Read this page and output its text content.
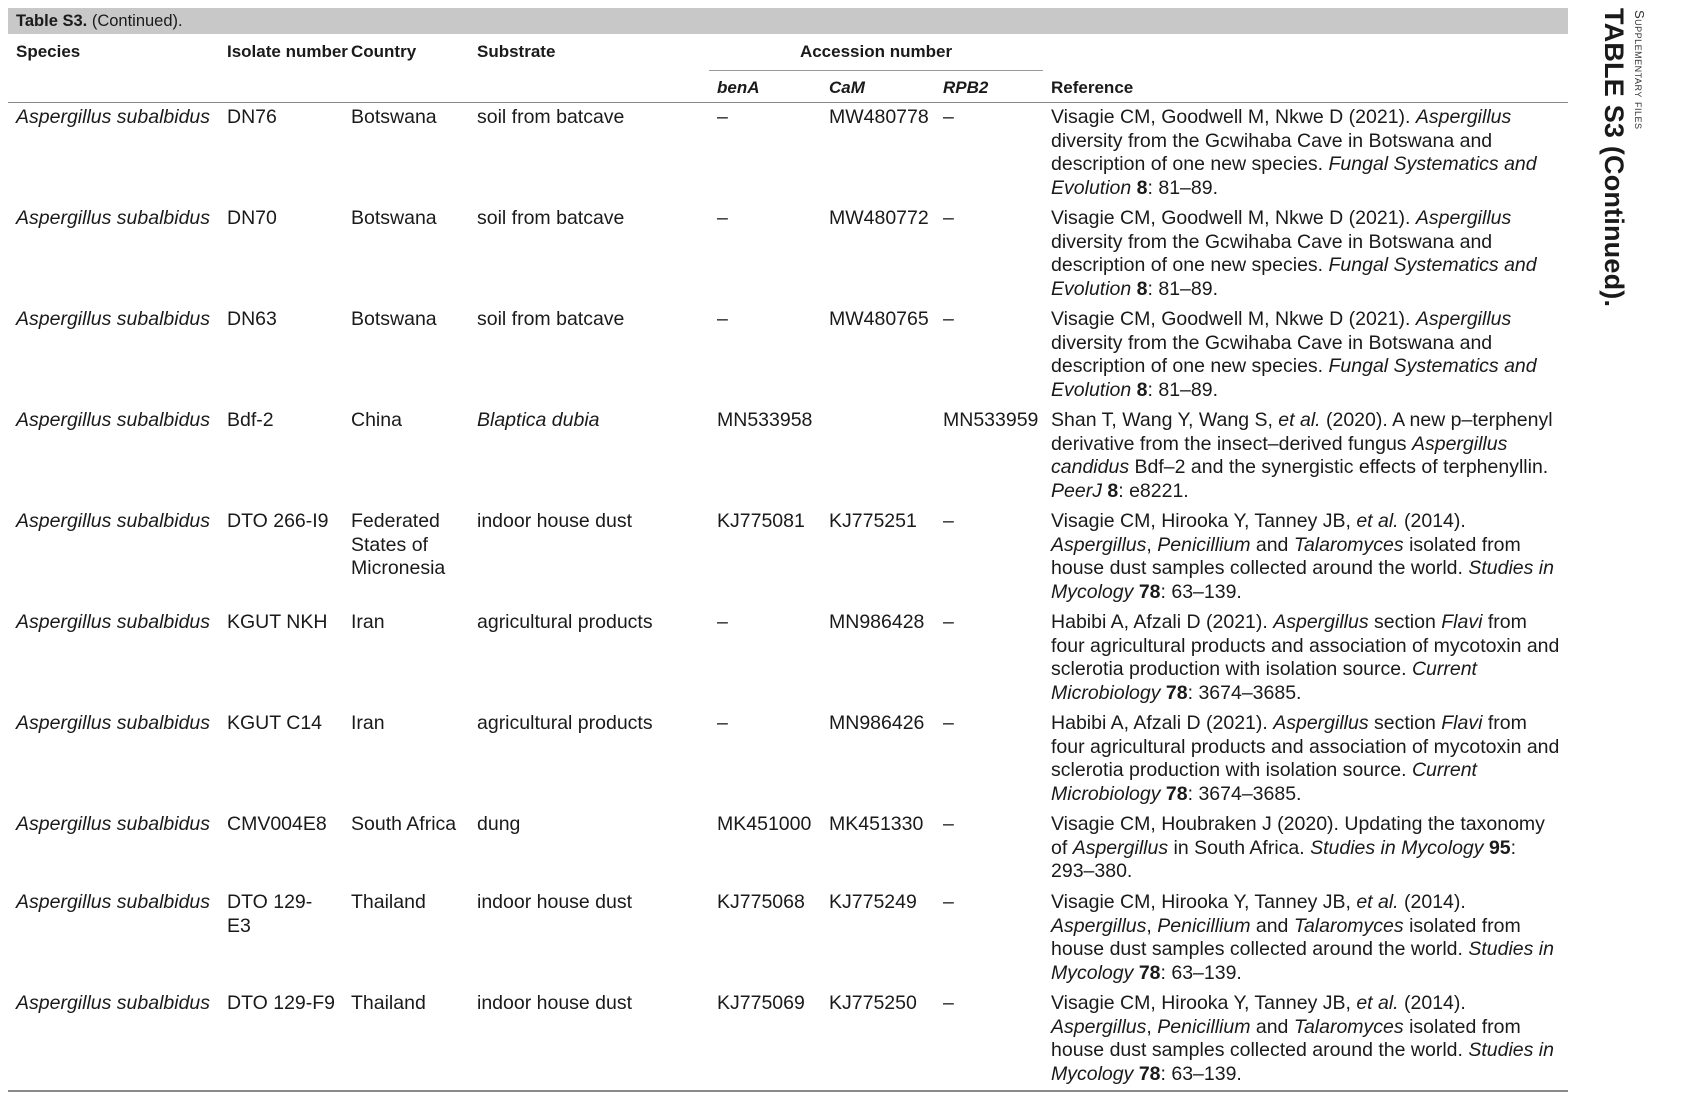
Table S3. (Continued).
Species	Isolate number	Country	Substrate	Accession number			
				benA	CaM	RPB2	Reference
Aspergillus subalbidus	DN76	Botswana	soil from batcave	–	MW480778	–	Visagie CM, Goodwell M, Nkwe D (2021). Aspergillus diversity from the Gcwihaba Cave in Botswana and description of one new species. Fungal Systematics and Evolution 8: 81–89.
Aspergillus subalbidus	DN70	Botswana	soil from batcave	–	MW480772	–	Visagie CM, Goodwell M, Nkwe D (2021). Aspergillus diversity from the Gcwihaba Cave in Botswana and description of one new species. Fungal Systematics and Evolution 8: 81–89.
Aspergillus subalbidus	DN63	Botswana	soil from batcave	–	MW480765	–	Visagie CM, Goodwell M, Nkwe D (2021). Aspergillus diversity from the Gcwihaba Cave in Botswana and description of one new species. Fungal Systematics and Evolution 8: 81–89.
Aspergillus subalbidus	Bdf-2	China	Blaptica dubia	MN533958		MN533959	Shan T, Wang Y, Wang S, et al. (2020). A new p–terphenyl derivative from the insect–derived fungus Aspergillus candidus Bdf–2 and the synergistic effects of terphenyllin. PeerJ 8: e8221.
Aspergillus subalbidus	DTO 266-I9	Federated States of Micronesia	indoor house dust	KJ775081	KJ775251	–	Visagie CM, Hirooka Y, Tanney JB, et al. (2014). Aspergillus, Penicillium and Talaromyces isolated from house dust samples collected around the world. Studies in Mycology 78: 63–139.
Aspergillus subalbidus	KGUT NKH	Iran	agricultural products	–	MN986428	–	Habibi A, Afzali D (2021). Aspergillus section Flavi from four agricultural products and association of mycotoxin and sclerotia production with isolation source. Current Microbiology 78: 3674–3685.
Aspergillus subalbidus	KGUT C14	Iran	agricultural products	–	MN986426	–	Habibi A, Afzali D (2021). Aspergillus section Flavi from four agricultural products and association of mycotoxin and sclerotia production with isolation source. Current Microbiology 78: 3674–3685.
Aspergillus subalbidus	CMV004E8	South Africa	dung	MK451000	MK451330	–	Visagie CM, Houbraken J (2020). Updating the taxonomy of Aspergillus in South Africa. Studies in Mycology 95: 293–380.
Aspergillus subalbidus	DTO 129-E3	Thailand	indoor house dust	KJ775068	KJ775249	–	Visagie CM, Hirooka Y, Tanney JB, et al. (2014). Aspergillus, Penicillium and Talaromyces isolated from house dust samples collected around the world. Studies in Mycology 78: 63–139.
Aspergillus subalbidus	DTO 129-F9	Thailand	indoor house dust	KJ775069	KJ775250	–	Visagie CM, Hirooka Y, Tanney JB, et al. (2014). Aspergillus, Penicillium and Talaromyces isolated from house dust samples collected around the world. Studies in Mycology 78: 63–139.
TABLE S3 (Continued). Supplementary files
